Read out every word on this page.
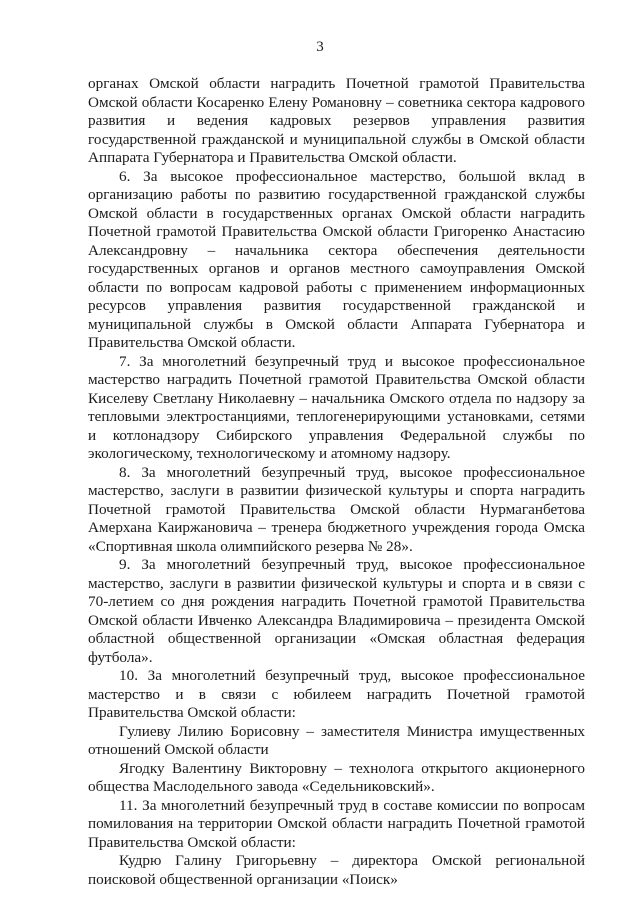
3

органах Омской области наградить Почетной грамотой Правительства Омской области Косаренко Елену Романовну – советника сектора кадрового развития и ведения кадровых резервов управления развития государственной гражданской и муниципальной службы в Омской области Аппарата Губернатора и Правительства Омской области.

6. За высокое профессиональное мастерство, большой вклад в организацию работы по развитию государственной гражданской службы Омской области в государственных органах Омской области наградить Почетной грамотой Правительства Омской области Григоренко Анастасию Александровну – начальника сектора обеспечения деятельности государственных органов и органов местного самоуправления Омской области по вопросам кадровой работы с применением информационных ресурсов управления развития государственной гражданской и муниципальной службы в Омской области Аппарата Губернатора и Правительства Омской области.

7. За многолетний безупречный труд и высокое профессиональное мастерство наградить Почетной грамотой Правительства Омской области Киселеву Светлану Николаевну – начальника Омского отдела по надзору за тепловыми электростанциями, теплогенерирующими установками, сетями и котлонадзору Сибирского управления Федеральной службы по экологическому, технологическому и атомному надзору.

8. За многолетний безупречный труд, высокое профессиональное мастерство, заслуги в развитии физической культуры и спорта наградить Почетной грамотой Правительства Омской области Нурмаганбетова Амерхана Каиржановича – тренера бюджетного учреждения города Омска «Спортивная школа олимпийского резерва № 28».

9. За многолетний безупречный труд, высокое профессиональное мастерство, заслуги в развитии физической культуры и спорта и в связи с 70-летием со дня рождения наградить Почетной грамотой Правительства Омской области Ивченко Александра Владимировича – президента Омской областной общественной организации «Омская областная федерация футбола».

10. За многолетний безупречный труд, высокое профессиональное мастерство и в связи с юбилеем наградить Почетной грамотой Правительства Омской области:

Гулиеву Лилию Борисовну – заместителя Министра имущественных отношений Омской области

Ягодку Валентину Викторовну – технолога открытого акционерного общества Маслодельного завода «Седельниковский».

11. За многолетний безупречный труд в составе комиссии по вопросам помилования на территории Омской области наградить Почетной грамотой Правительства Омской области:

Кудрю Галину Григорьевну – директора Омской региональной поисковой общественной организации «Поиск»
